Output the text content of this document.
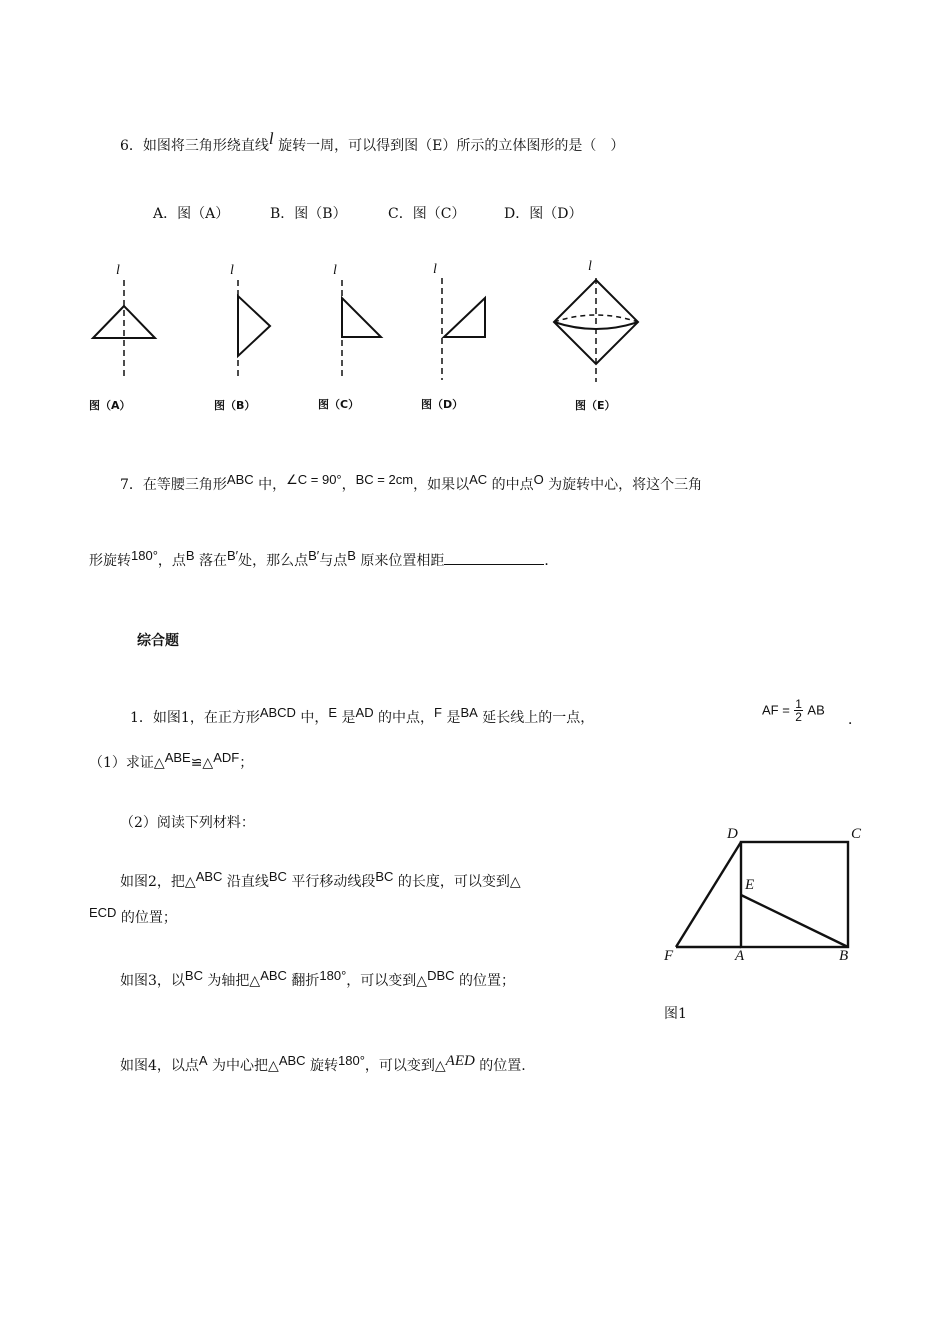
6．如图将三角形绕直线l 旋转一周，可以得到图（E）所示的立体图形的是（　）
A．图（A）	B．图（B）	C．图（C）	D．图（D）
l	l	l	l	l
图（A）	图（B）	图（C）	图（D）	图（E）
7．在等腰三角形ABC 中，∠C = 90°，BC = 2cm，如果以AC 的中点O 为旋转中心，将这个三角
形旋转180°，点B 落在B′处，那么点B′与点B 原来位置相距	．
综合题
1．如图1，在正方形ABCD 中，E 是AD 的中点，F 是BA 延长线上的一点，	AF = $\frac{1}{2}$ AB
．
（1）求证△ABE≌△ADF；
（2）阅读下列材料：
如图2，把△ABC 沿直线BC 平行移动线段BC 的长度，可以变到△
ECD 的位置；
如图3，以BC 为轴把△ABC 翻折180°，可以变到△DBC 的位置；
如图4，以点A 为中心把△ABC 旋转180°，可以变到△AED 的位置.
D	C
E
F	A	B
图1
